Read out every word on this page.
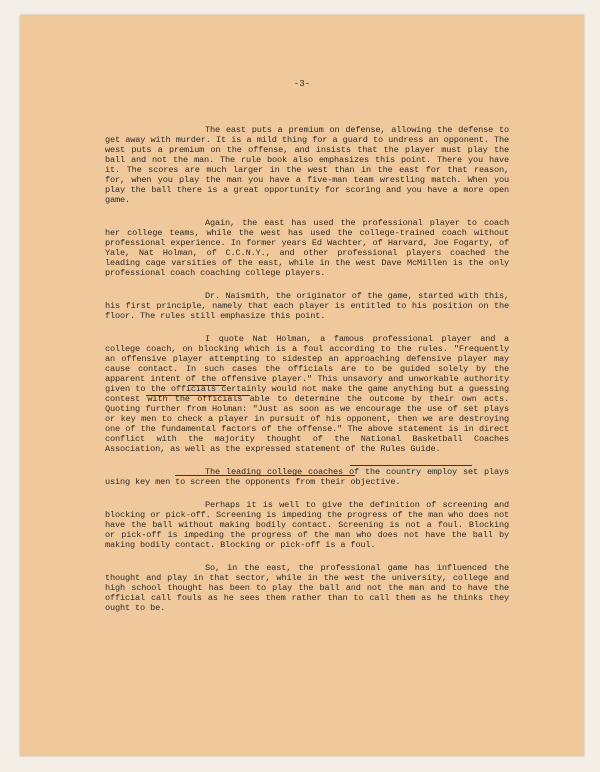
-3-

The east puts a premium on defense, allowing the defense to get away with murder. It is a mild thing for a guard to undress an opponent. The west puts a premium on the offense, and insists that the player must play the ball and not the man. The rule book also emphasizes this point. There you have it. The scores are much larger in the west than in the east for that reason, for, when you play the man you have a five-man team wrestling match. When you play the ball there is a great opportunity for scoring and you have a more open game.

Again, the east has used the professional player to coach her college teams, while the west has used the college-trained coach without professional experience. In former years Ed Wachter, of Harvard, Joe Fogarty, of Yale, Nat Holman, of C.C.N.Y., and other professional players coached the leading cage varsities of the east, while in the west Dave McMillen is the only professional coach coaching college players.

Dr. Naismith, the originator of the game, started with this, his first principle, namely that each player is entitled to his position on the floor. The rules still emphasize this point.

I quote Nat Holman, a famous professional player and a college coach, on blocking which is a foul according to the rules. "Frequently an offensive player attempting to sidestep an approaching defensive player may cause contact. In such cases the officials are to be guided solely by the apparent intent of the offensive player." This unsavory and unworkable authority given to the officials certainly would not make the game anything but a guessing contest with the officials able to determine the outcome by their own acts. Quoting further from Holman: "Just as soon as we encourage the use of set plays or key men to check a player in pursuit of his opponent, then we are destroying one of the fundamental factors of the offense." The above statement is in direct conflict with the majority thought of the National Basketball Coaches Association, as well as the expressed statement of the Rules Guide.

The leading college coaches of the country employ set plays using key men to screen the opponents from their objective.

Perhaps it is well to give the definition of screening and blocking or pick-off. Screening is impeding the progress of the man who does not have the ball without making bodily contact. Screening is not a foul. Blocking or pick-off is impeding the progress of the man who does not have the ball by making bodily contact. Blocking or pick-off is a foul.

So, in the east, the professional game has influenced the thought and play in that sector, while in the west the university, college and high school thought has been to play the ball and not the man and to have the official call fouls as he sees them rather than to call them as he thinks they ought to be.
